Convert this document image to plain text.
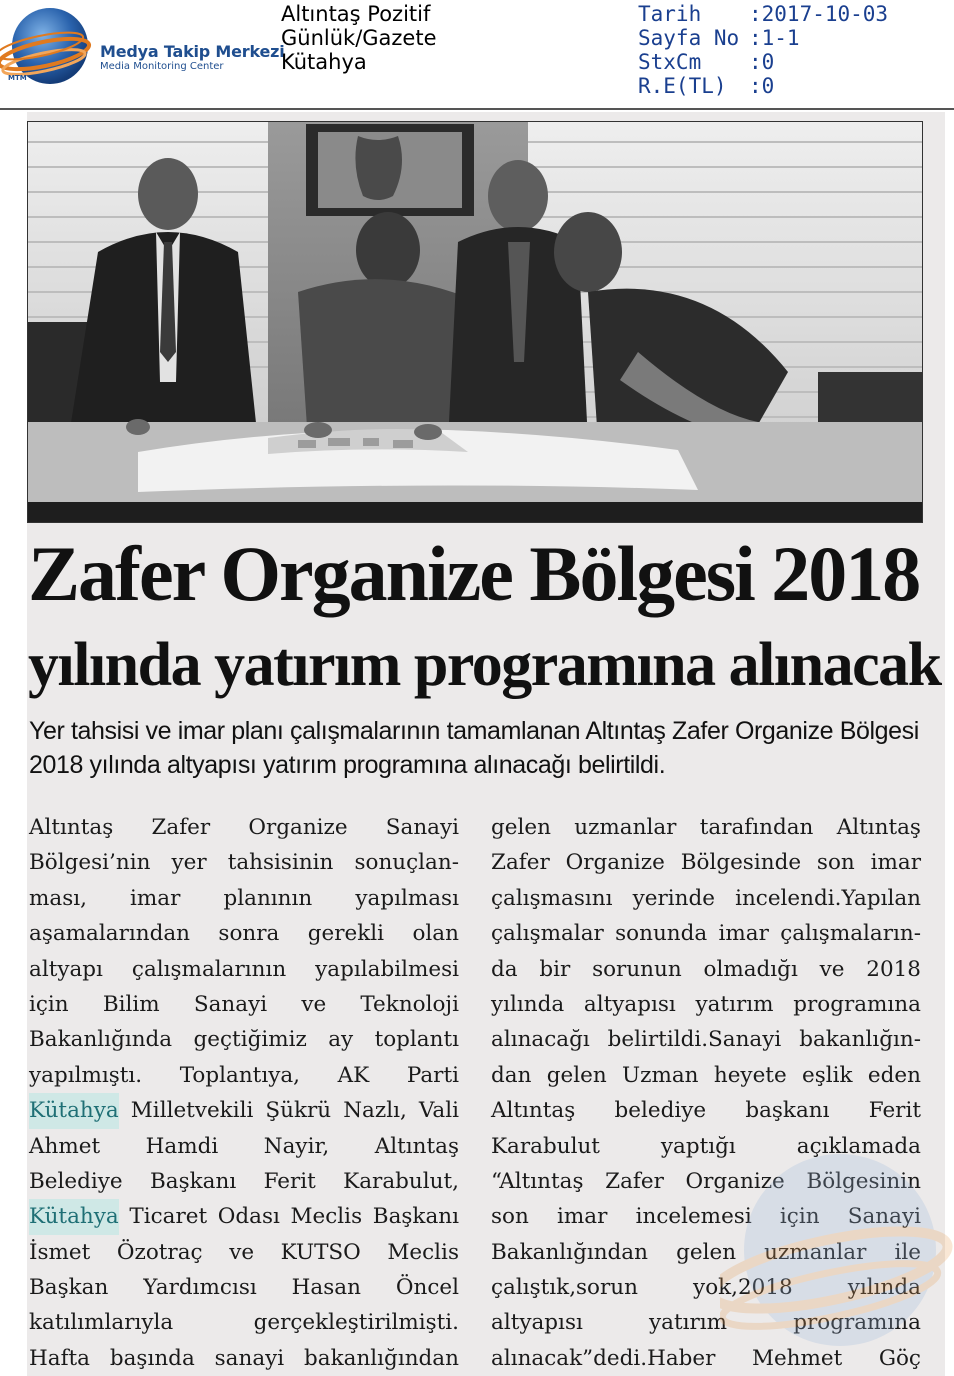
Medya Takip Merkezi
Media Monitoring Center
MTM
Altıntaş Pozitif
Günlük/Gazete
Kütahya
Tarih	:2017-10-03
Sayfa No :1-1
StxCm	:0
R.E(TL)	:0
Zafer Organize Bölgesi 2018
yılında yatırım programına alınacak
Yer tahsisi ve imar planı çalışmalarının tamamlanan Altıntaş Zafer Organize Bölgesi 2018 yılında altyapısı yatırım programına alınacağı belirtildi.
Altıntaş Zafer Organize Sanayi
Bölgesi’nin yer tahsisinin sonuçlan-
ması, imar planının yapılması
aşamalarından sonra gerekli olan
altyapı çalışmalarının yapılabilmesi
için Bilim Sanayi ve Teknoloji
Bakanlığında geçtiğimiz ay toplantı
yapılmıştı. Toplantıya, AK Parti
Kütahya Milletvekili Şükrü Nazlı, Vali
Ahmet Hamdi Nayir, Altıntaş
Belediye Başkanı Ferit Karabulut,
Kütahya Ticaret Odası Meclis Başkanı
İsmet Özotraç ve KUTSO Meclis
Başkan Yardımcısı Hasan Öncel
katılımlarıyla	gerçekleştirilmişti.
Hafta başında sanayi bakanlığından
gelen uzmanlar tarafından Altıntaş
Zafer Organize Bölgesinde son imar
çalışmasını yerinde incelendi.Yapılan
çalışmalar sonunda imar çalışmaların-
da bir sorunun olmadığı ve 2018
yılında altyapısı yatırım programına
alınacağı belirtildi.Sanayi bakanlığın-
dan gelen Uzman heyete eşlik eden
Altıntaş belediye başkanı Ferit
Karabulut	yaptığı	açıklamada
“Altıntaş Zafer Organize Bölgesinin
son imar incelemesi için Sanayi
Bakanlığından gelen uzmanlar ile
çalıştık,sorun	yok,2018	yılında
altyapısı	yatırım	programına
alınacak”dedi.Haber Mehmet Göç
